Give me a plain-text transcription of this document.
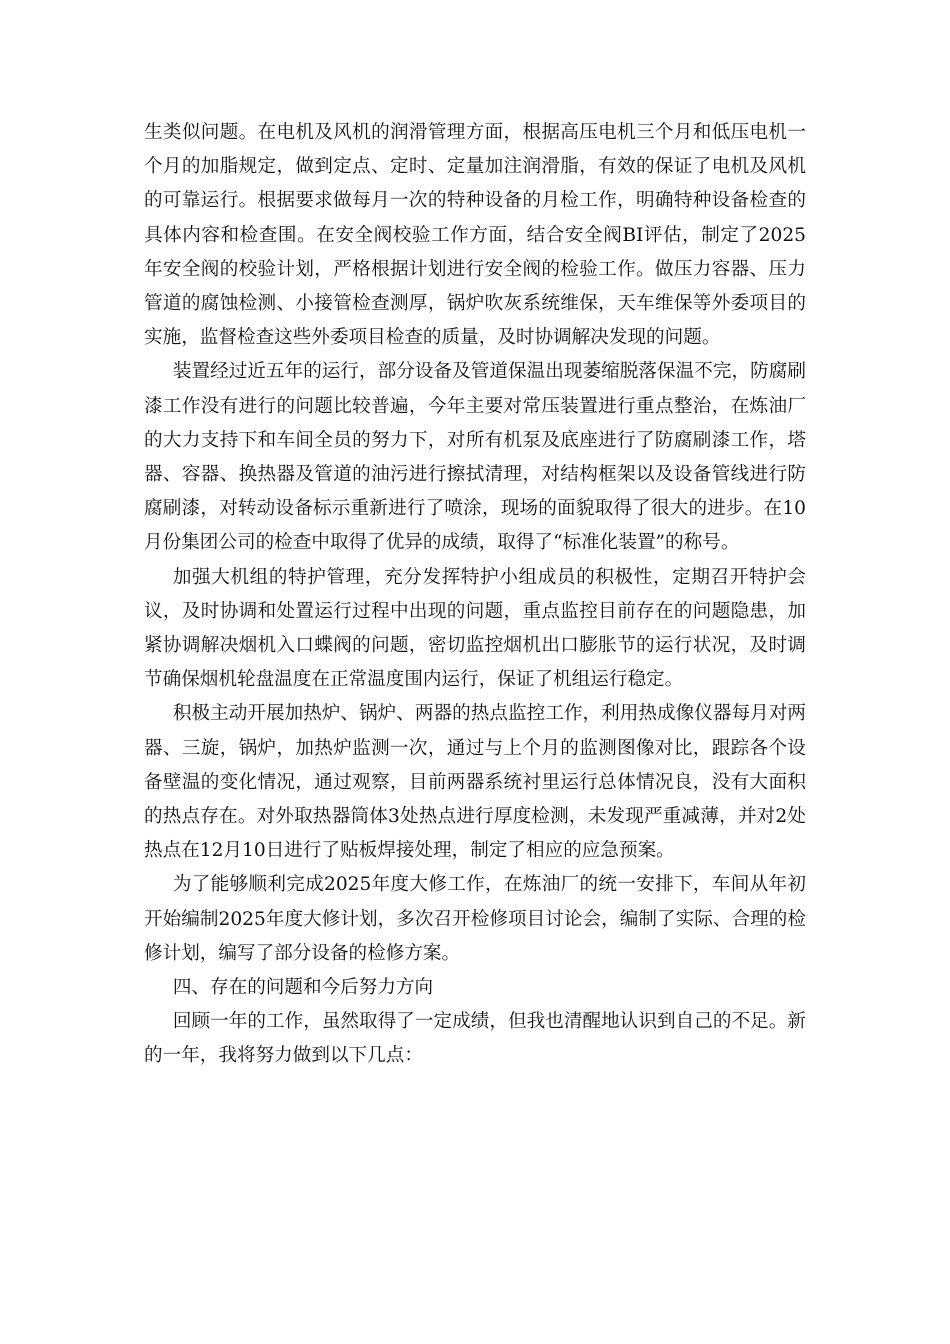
生类似问题。在电机及风机的润滑管理方面，根据高压电机三个月和低压电机一个月的加脂规定，做到定点、定时、定量加注润滑脂，有效的保证了电机及风机的可靠运行。根据要求做每月一次的特种设备的月检工作，明确特种设备检查的具体内容和检查围。在安全阀校验工作方面，结合安全阀BI评估，制定了2025年安全阀的校验计划，严格根据计划进行安全阀的检验工作。做压力容器、压力管道的腐蚀检测、小接管检查测厚，锅炉吹灰系统维保，天车维保等外委项目的实施，监督检查这些外委项目检查的质量，及时协调解决发现的问题。

装置经过近五年的运行，部分设备及管道保温出现萎缩脱落保温不完，防腐刷漆工作没有进行的问题比较普遍，今年主要对常压装置进行重点整治，在炼油厂的大力支持下和车间全员的努力下，对所有机泵及底座进行了防腐刷漆工作，塔器、容器、换热器及管道的油污进行擦拭清理，对结构框架以及设备管线进行防腐刷漆，对转动设备标示重新进行了喷涂，现场的面貌取得了很大的进步。在10月份集团公司的检查中取得了优异的成绩，取得了“标准化装置”的称号。

加强大机组的特护管理，充分发挥特护小组成员的积极性，定期召开特护会议，及时协调和处置运行过程中出现的问题，重点监控目前存在的问题隐患，加紧协调解决烟机入口蝶阀的问题，密切监控烟机出口膨胀节的运行状况，及时调节确保烟机轮盘温度在正常温度围内运行，保证了机组运行稳定。

积极主动开展加热炉、锅炉、两器的热点监控工作，利用热成像仪器每月对两器、三旋，锅炉，加热炉监测一次，通过与上个月的监测图像对比，跟踪各个设备壁温的变化情况，通过观察，目前两器系统衬里运行总体情况良，没有大面积的热点存在。对外取热器筒体3处热点进行厚度检测，未发现严重减薄，并对2处热点在12月10日进行了贴板焊接处理，制定了相应的应急预案。

为了能够顺利完成2025年度大修工作，在炼油厂的统一安排下，车间从年初开始编制2025年度大修计划，多次召开检修项目讨论会，编制了实际、合理的检修计划，编写了部分设备的检修方案。

四、存在的问题和今后努力方向

回顾一年的工作，虽然取得了一定成绩，但我也清醒地认识到自己的不足。新的一年，我将努力做到以下几点：
